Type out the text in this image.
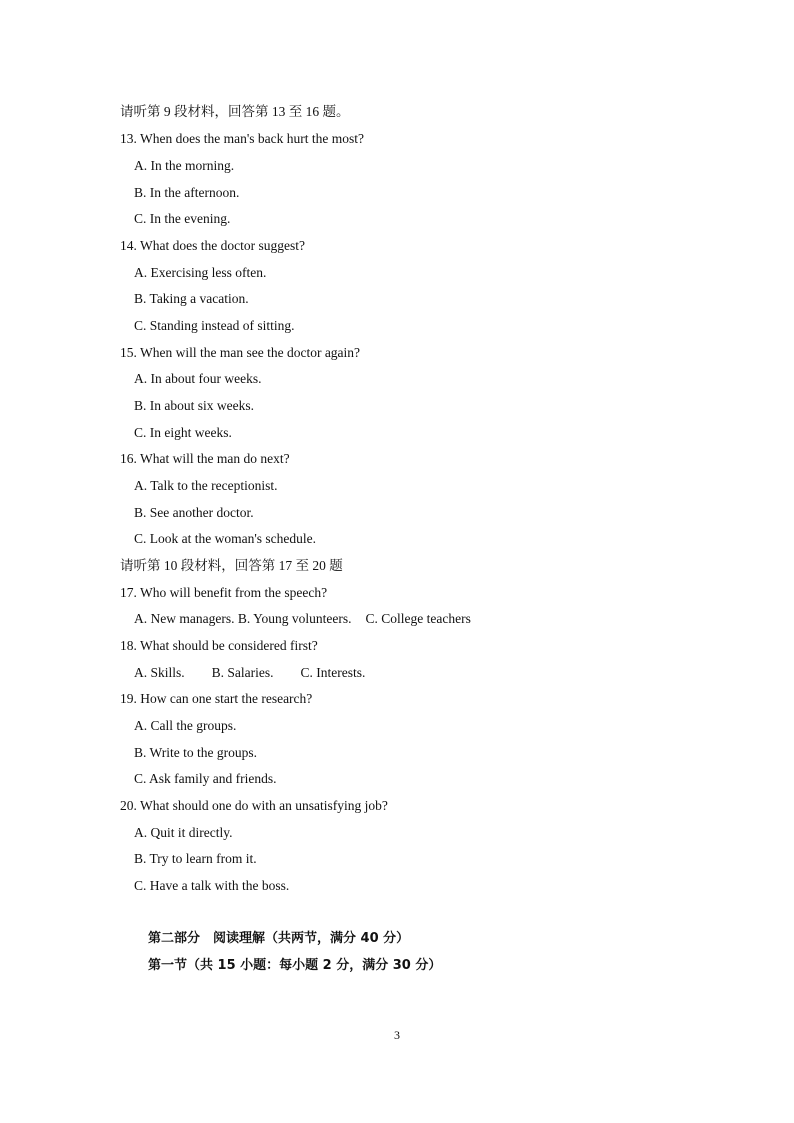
请听第 9 段材料，回答第 13 至 16 题。
13. When does the man's back hurt the most?
A. In the morning.
B. In the afternoon.
C. In the evening.
14. What does the doctor suggest?
A. Exercising less often.
B. Taking a vacation.
C. Standing instead of sitting.
15. When will the man see the doctor again?
A. In about four weeks.
B. In about six weeks.
C. In eight weeks.
16. What will the man do next?
A. Talk to the receptionist.
B. See another doctor.
C. Look at the woman's schedule.
请听第 10 段材料，回答第 17 至 20 题
17. Who will benefit from the speech?
A. New managers. B. Young volunteers. C. College teachers
18. What should be considered first?
A. Skills. B. Salaries. C. Interests.
19. How can one start the research?
A. Call the groups.
B. Write to the groups.
C. Ask family and friends.
20. What should one do with an unsatisfying job?
A. Quit it directly.
B. Try to learn from it.
C. Have a talk with the boss.
第二部分　阅读理解（共两节，满分 40 分）
第一节（共 15 小题：每小题 2 分，满分 30 分）
3
